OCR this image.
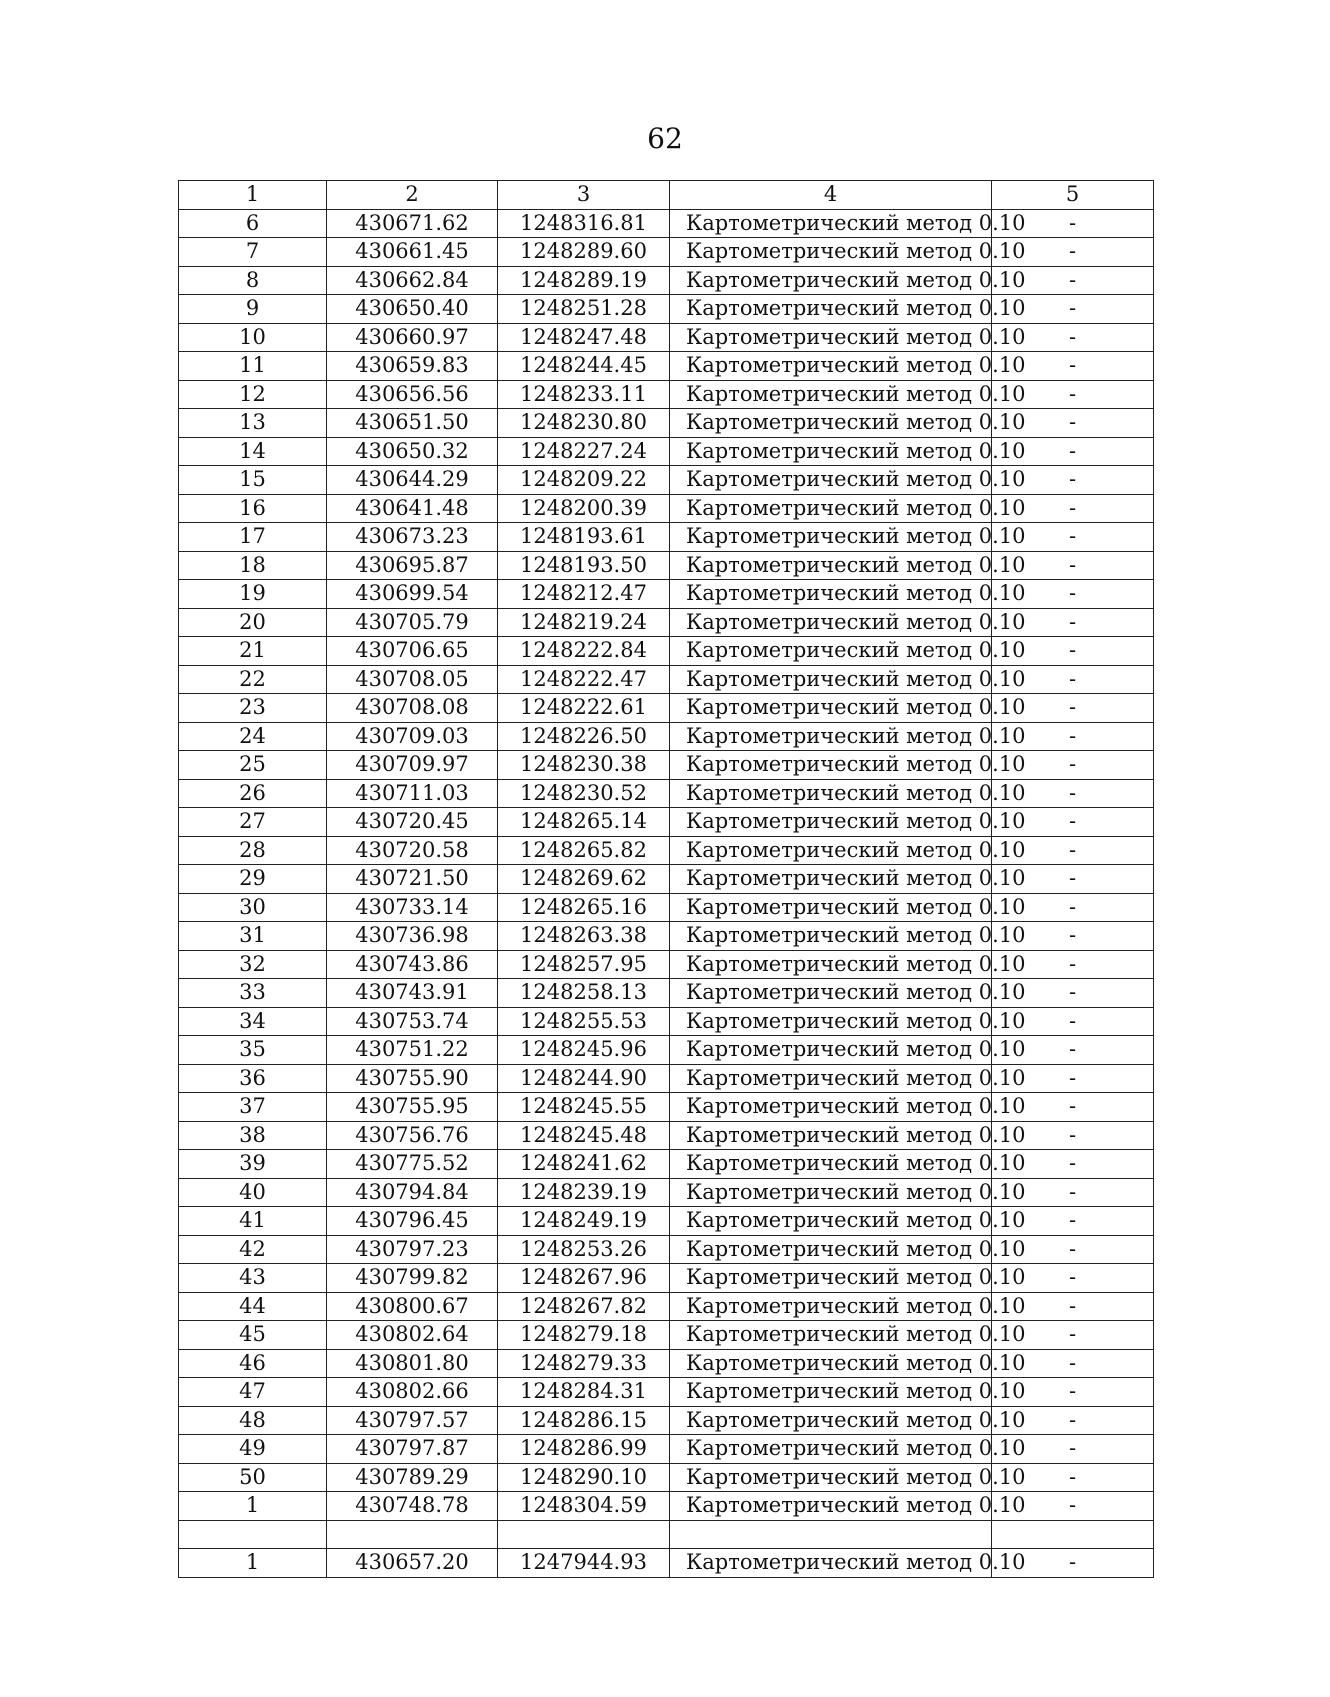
62
1	2	3	4	5
6	430671.62	1248316.81	Картометрический метод 0.10	-
7	430661.45	1248289.60	Картометрический метод 0.10	-
8	430662.84	1248289.19	Картометрический метод 0.10	-
9	430650.40	1248251.28	Картометрический метод 0.10	-
10	430660.97	1248247.48	Картометрический метод 0.10	-
11	430659.83	1248244.45	Картометрический метод 0.10	-
12	430656.56	1248233.11	Картометрический метод 0.10	-
13	430651.50	1248230.80	Картометрический метод 0.10	-
14	430650.32	1248227.24	Картометрический метод 0.10	-
15	430644.29	1248209.22	Картометрический метод 0.10	-
16	430641.48	1248200.39	Картометрический метод 0.10	-
17	430673.23	1248193.61	Картометрический метод 0.10	-
18	430695.87	1248193.50	Картометрический метод 0.10	-
19	430699.54	1248212.47	Картометрический метод 0.10	-
20	430705.79	1248219.24	Картометрический метод 0.10	-
21	430706.65	1248222.84	Картометрический метод 0.10	-
22	430708.05	1248222.47	Картометрический метод 0.10	-
23	430708.08	1248222.61	Картометрический метод 0.10	-
24	430709.03	1248226.50	Картометрический метод 0.10	-
25	430709.97	1248230.38	Картометрический метод 0.10	-
26	430711.03	1248230.52	Картометрический метод 0.10	-
27	430720.45	1248265.14	Картометрический метод 0.10	-
28	430720.58	1248265.82	Картометрический метод 0.10	-
29	430721.50	1248269.62	Картометрический метод 0.10	-
30	430733.14	1248265.16	Картометрический метод 0.10	-
31	430736.98	1248263.38	Картометрический метод 0.10	-
32	430743.86	1248257.95	Картометрический метод 0.10	-
33	430743.91	1248258.13	Картометрический метод 0.10	-
34	430753.74	1248255.53	Картометрический метод 0.10	-
35	430751.22	1248245.96	Картометрический метод 0.10	-
36	430755.90	1248244.90	Картометрический метод 0.10	-
37	430755.95	1248245.55	Картометрический метод 0.10	-
38	430756.76	1248245.48	Картометрический метод 0.10	-
39	430775.52	1248241.62	Картометрический метод 0.10	-
40	430794.84	1248239.19	Картометрический метод 0.10	-
41	430796.45	1248249.19	Картометрический метод 0.10	-
42	430797.23	1248253.26	Картометрический метод 0.10	-
43	430799.82	1248267.96	Картометрический метод 0.10	-
44	430800.67	1248267.82	Картометрический метод 0.10	-
45	430802.64	1248279.18	Картометрический метод 0.10	-
46	430801.80	1248279.33	Картометрический метод 0.10	-
47	430802.66	1248284.31	Картометрический метод 0.10	-
48	430797.57	1248286.15	Картометрический метод 0.10	-
49	430797.87	1248286.99	Картометрический метод 0.10	-
50	430789.29	1248290.10	Картометрический метод 0.10	-
1	430748.78	1248304.59	Картометрический метод 0.10	-

1	430657.20	1247944.93	Картометрический метод 0.10	-
